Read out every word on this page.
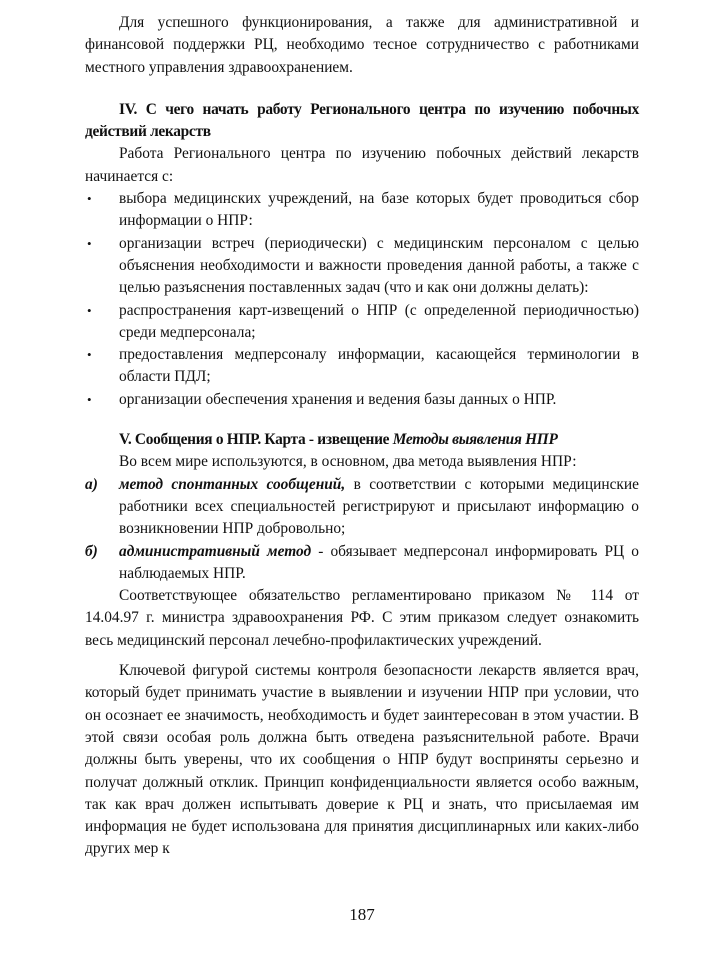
Для успешного функционирования, а также для административной и финансовой поддержки РЦ, необходимо тесное сотрудничество с работниками местного управления здравоохранением.

IV. С чего начать работу Регионального центра по изучению побочных действий лекарств

Работа Регионального центра по изучению побочных действий лекарств начинается с:

• выбора медицинских учреждений, на базе которых будет проводиться сбор информации о НПР:
• организации встреч (периодически) с медицинским персоналом с целью объяснения необходимости и важности проведения данной работы, а также с целью разъяснения поставленных задач (что и как они должны делать):
• распространения карт-извещений о НПР (с определенной периодичностью) среди медперсонала;
• предоставления медперсоналу информации, касающейся терминологии в области ПДЛ;
• организации обеспечения хранения и ведения базы данных о НПР.

V. Сообщения о НПР. Карта - извещение Методы выявления НПР

Во всем мире используются, в основном, два метода выявления НПР:

а) метод спонтанных сообщений, в соответствии с которыми медицинские работники всех специальностей регистрируют и присылают информацию о возникновении НПР добровольно;
б) административный метод - обязывает медперсонал информировать РЦ о наблюдаемых НПР.

Соответствующее обязательство регламентировано приказом № 114 от 14.04.97 г. министра здравоохранения РФ. С этим приказом следует ознакомить весь медицинский персонал лечебно-профилактических учреждений.

Ключевой фигурой системы контроля безопасности лекарств является врач, который будет принимать участие в выявлении и изучении НПР при условии, что он осознает ее значимость, необходимость и будет заинтересован в этом участии. В этой связи особая роль должна быть отведена разъяснительной работе. Врачи должны быть уверены, что их сообщения о НПР будут восприняты серьезно и получат должный отклик. Принцип конфиденциальности является особо важным, так как врач должен испытывать доверие к РЦ и знать, что присылаемая им информация не будет использована для принятия дисциплинарных или каких-либо других мер к

187
